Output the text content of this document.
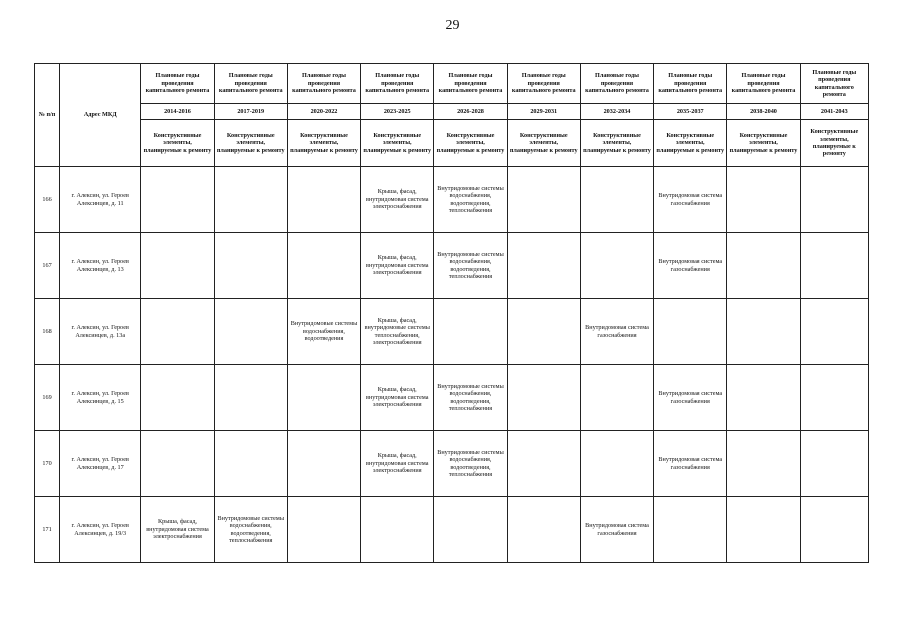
29
№ п/п	Адрес МКД	Плановые годы проведения капитального ремонта	Плановые годы проведения капитального ремонта	Плановые годы проведения капитального ремонта	Плановые годы проведения капитального ремонта	Плановые годы проведения капитального ремонта	Плановые годы проведения капитального ремонта	Плановые годы проведения капитального ремонта	Плановые годы проведения капитального ремонта	Плановые годы проведения капитального ремонта	Плановые годы проведения капитального ремонта
		2014-2016	2017-2019	2020-2022	2023-2025	2026-2028	2029-2031	2032-2034	2035-2037	2038-2040	2041-2043
		Конструктивные элементы, планируемые к ремонту	Конструктивные элементы, планируемые к ремонту	Конструктивные элементы, планируемые к ремонту	Конструктивные элементы, планируемые к ремонту	Конструктивные элементы, планируемые к ремонту	Конструктивные элементы, планируемые к ремонту	Конструктивные элементы, планируемые к ремонту	Конструктивные элементы, планируемые к ремонту	Конструктивные элементы, планируемые к ремонту	Конструктивные элементы, планируемые к ремонту
166	г. Алексин, ул. Героев Алексинцев, д. 11				Крыша, фасад, внутридомовая система электроснабжения	Внутридомовые системы водоснабжения, водоотведения, теплоснабжения			Внутридомовая система газоснабжения		
167	г. Алексин, ул. Героев Алексинцев, д. 13				Крыша, фасад, внутридомовая система электроснабжения	Внутридомовые системы водоснабжения, водоотведения, теплоснабжения			Внутридомовая система газоснабжения		
168	г. Алексин, ул. Героев Алексинцев, д. 13а			Внутридомовые системы водоснабжения, водоотведения	Крыша, фасад, внутридомовые системы теплоснабжения, электроснабжения			Внутридомовая система газоснабжения			
169	г. Алексин, ул. Героев Алексинцев, д. 15				Крыша, фасад, внутридомовая система электроснабжения	Внутридомовые системы водоснабжения, водоотведения, теплоснабжения			Внутридомовая система газоснабжения		
170	г. Алексин, ул. Героев Алексинцев, д. 17				Крыша, фасад, внутридомовая система электроснабжения	Внутридомовые системы водоснабжения, водоотведения, теплоснабжения			Внутридомовая система газоснабжения		
171	г. Алексин, ул. Героев Алексинцев, д. 19/3	Крыша, фасад, внутридомовая система электроснабжения	Внутридомовые системы водоснабжения, водоотведения, теплоснабжения					Внутридомовая система газоснабжения			
